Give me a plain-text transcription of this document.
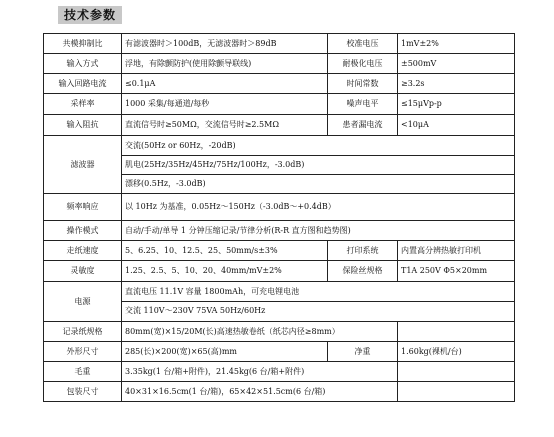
技术参数
共模抑制比	有滤波器时＞100dB，无滤波器时＞89dB	校准电压	1mV±2%
输入方式	浮地，有除颤防护(使用除颤导联线)	耐极化电压	±500mV
输入回路电流	≤0.1μA	时间常数	≥3.2s
采样率	1000 采集/每通道/每秒	噪声电平	≤15μVp-p
输入阻抗	直流信号时≥50MΩ，交流信号时≥2.5MΩ	患者漏电流	<10μA
滤波器	交流(50Hz or 60Hz，-20dB)
肌电(25Hz/35Hz/45Hz/75Hz/100Hz，-3.0dB)
漂移(0.5Hz，-3.0dB)		

频率响应	以 10Hz 为基准，0.05Hz～150Hz（-3.0dB～+0.4dB）		
操作模式	自动/手动/单导 1 分钟压缩记录/节律分析(R-R 直方图和趋势图)		
走纸速度	5、6.25、10、12.5、25、50mm/s±3%	打印系统	内置高分辨热敏打印机
灵敏度	1.25、2.5、5、10、20、40mm/mV±2%	保险丝规格	T1A 250V Φ5×20mm
电源	直流电压 11.1V 容量 1800mAh，可充电锂电池
交流 110V～230V 75VA 50Hz/60Hz		

记录纸规格	80mm(宽)×15/20M(长)高速热敏卷纸（纸芯内径≥8mm）		
外形尺寸	285(长)×200(宽)×65(高)mm	净重	1.60kg(裸机/台)
毛重	3.35kg(1 台/箱+附件)，21.45kg(6 台/箱+附件)		
包装尺寸	40×31×16.5cm(1 台/箱)，65×42×51.5cm(6 台/箱)		
